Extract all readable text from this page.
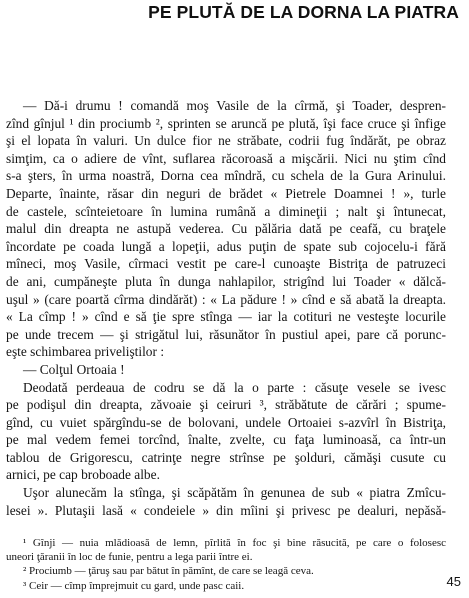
PE PLUTĂ DE LA DORNA LA PIATRA
— Dă-i drumu ! comandă moş Vasile de la cîrmă, şi Toader, despren-
zînd gînjul ¹ din prociumb ², sprinten se aruncă pe plută, îşi face cruce şi înfige
şi el lopata în valuri. Un dulce fior ne străbate, codrii fug îndărăt, pe obraz
simţim, ca o adiere de vînt, suflarea răcoroasă a mişcării. Nici nu ştim cînd
s-a şters, în urma noastră, Dorna cea mîndră, cu schela de la Gura Arinului.
Departe, înainte, răsar din neguri de brădet « Pietrele Doamnei ! », turle
de castele, scînteietoare în lumina rumână a dimineţii ; nalt şi întunecat,
malul din dreapta ne astupă vederea. Cu pălăria dată pe ceafă, cu braţele
încordate pe coada lungă a lopeţii, adus puţin de spate sub cojocelu-i fără
mîneci, moş Vasile, cîrmaci vestit pe care-l cunoaşte Bistriţa de patruzeci
de ani, cumpăneşte pluta în dunga nahlapilor, strigînd lui Toader « dălcă-
uşul » (care poartă cîrma dindărăt) : « La pădure ! » cînd e să abată la dreapta.
« La cîmp ! » cînd e să ţie spre stînga — iar la cotituri ne vesteşte locurile
pe unde trecem — şi strigătul lui, răsunător în pustiul apei, pare că porunc-
eşte schimbarea priveliştilor :
— Colţul Ortoaia !
Deodată perdeaua de codru se dă la o parte : căsuţe vesele se ivesc
pe podişul din dreapta, zăvoaie şi ceiruri ³, străbătute de cărări ; spume-
gînd, cu vuiet spărgîndu-se de bolovani, undele Ortoaiei s-azvîrl în Bistriţa,
pe mal vedem femei torcînd, înalte, zvelte, cu faţa luminoasă, ca într-un
tablou de Grigorescu, catrinţe negre strînse pe şolduri, cămăşi cusute cu
arnici, pe cap broboade albe.
Uşor alunecăm la stînga, şi scăpătăm în genunea de sub « piatra Zmîcu-
lesei ». Plutaşii lasă « condeiele » din mîini şi privesc pe dealuri, nepăsă-
¹ Gînji — nuia mlădioasă de lemn, pîrlită în foc şi bine răsucită, pe care o folosesc
uneori ţăranii în loc de funie, pentru a lega parii între ei.
² Prociumb — ţăruş sau par bătut în pămînt, de care se leagă ceva.
³ Ceir — cîmp împrejmuit cu gard, unde pasc caii.	45
